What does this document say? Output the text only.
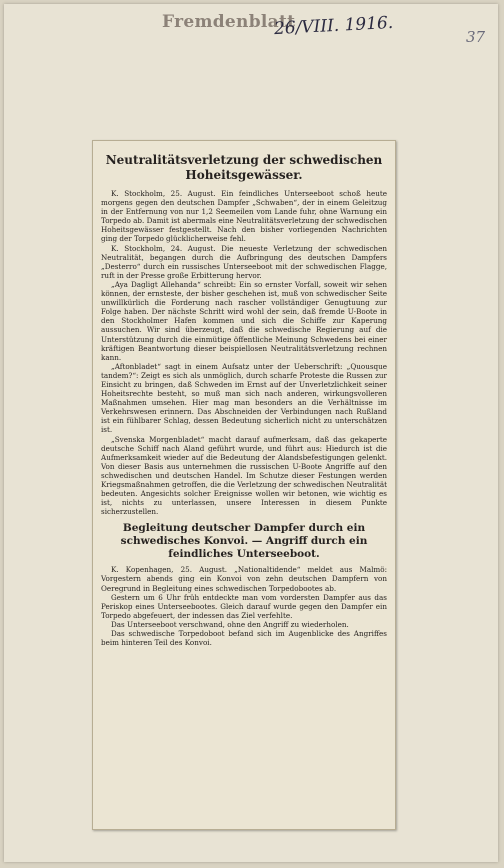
Fremdenblatt
26/VIII. 1916.	37
Neutralitätsverletzung der schwedischen Hoheitsgewässer.

K. Stockholm, 25. August. Ein feindliches Unterseeboot schoß heute morgens gegen den deutschen Dampfer „Schwaben“, der in einem Geleitzug in der Entfernung von nur 1,2 Seemeilen vom Lande fuhr, ohne Warnung ein Torpedo ab. Damit ist abermals eine Neutralitätsverletzung der schwedischen Hoheitsgewässer festgestellt. Nach den bisher vorliegenden Nachrichten ging der Torpedo glücklicherweise fehl.

K. Stockholm, 24. August. Die neueste Verletzung der schwedischen Neutralität, begangen durch die Aufbringung des deutschen Dampfers „Desterro“ durch ein russisches Unterseeboot mit der schwedischen Flagge, ruft in der Presse große Erbitterung hervor.

„Aya Dagligt Allehanda“ schreibt: Ein so ernster Vorfall, soweit wir sehen können, der ernsteste, der bisher geschehen ist, muß von schwedischer Seite unwillkürlich die Forderung nach rascher vollständiger Genugtuung zur Folge haben. Der nächste Schritt wird wohl der sein, daß fremde U-Boote in den Stockholmer Hafen kommen und sich die Schiffe zur Kaperung aussuchen. Wir sind überzeugt, daß die schwedische Regierung auf die Unterstützung durch die einmütige öffentliche Meinung Schwedens bei einer kräftigen Beantwortung dieser beispiellosen Neutralitätsverletzung rechnen kann.

„Aftonbladet“ sagt in einem Aufsatz unter der Ueberschrift: „Quousque tandem?“: Zeigt es sich als unmöglich, durch scharfe Proteste die Russen zur Einsicht zu bringen, daß Schweden im Ernst auf der Unverletzlichkeit seiner Hoheitsrechte besteht, so muß man sich nach anderen, wirkungsvolleren Maßnahmen umsehen. Hier mag man besonders an die Verhältnisse im Verkehrswesen erinnern. Das Abschneiden der Verbindungen nach Rußland ist ein fühlbarer Schlag, dessen Bedeutung sicherlich nicht zu unterschätzen ist.

„Svenska Morgenbladet“ macht darauf aufmerksam, daß das gekaperte deutsche Schiff nach Aland geführt wurde, und führt aus: Hiedurch ist die Aufmerksamkeit wieder auf die Bedeutung der Alandsbefestigungen gelenkt. Von dieser Basis aus unternehmen die russischen U-Boote Angriffe auf den schwedischen und deutschen Handel. Im Schutze dieser Festungen werden Kriegsmaßnahmen getroffen, die die Verletzung der schwedischen Neutralität bedeuten. Angesichts solcher Ereignisse wollen wir betonen, wie wichtig es ist, nichts zu unterlassen, unsere Interessen in diesem Punkte sicherzustellen.

Begleitung deutscher Dampfer durch ein schwedisches Konvoi. — Angriff durch ein feindliches Unterseeboot.

K. Kopenhagen, 25. August. „Nationaltidende“ meldet aus Malmö: Vorgestern abends ging ein Konvoi von zehn deutschen Dampfern von Oeregrund in Begleitung eines schwedischen Torpedobootes ab.

Gestern um 6 Uhr früh entdeckte man vom vordersten Dampfer aus das Periskop eines Unterseebootes. Gleich darauf wurde gegen den Dampfer ein Torpedo abgefeuert, der indessen das Ziel verfehlte.

Das Unterseeboot verschwand, ohne den Angriff zu wiederholen.

Das schwedische Torpedoboot befand sich im Augenblicke des Angriffes beim hinteren Teil des Konvoi.
